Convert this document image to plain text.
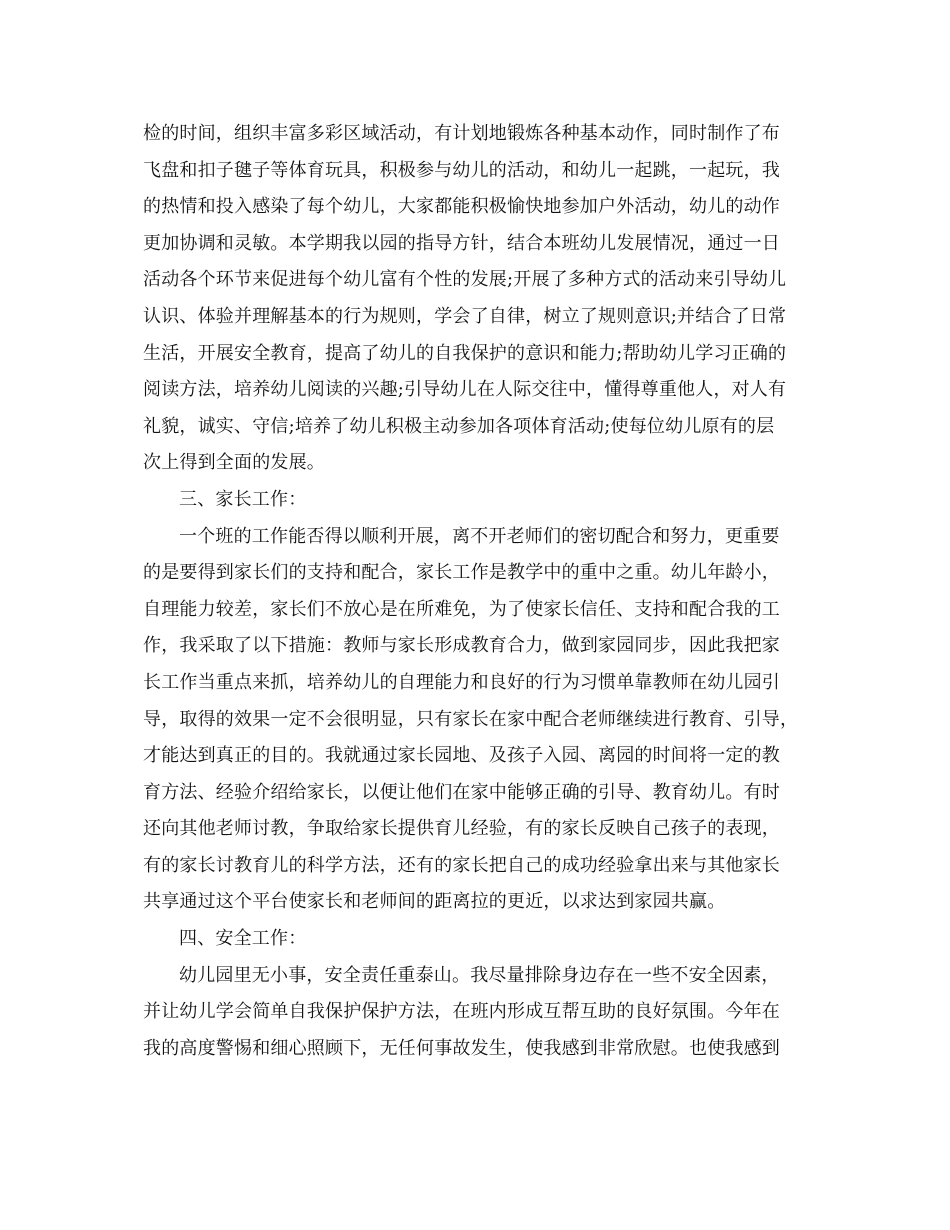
检的时间，组织丰富多彩区域活动，有计划地锻炼各种基本动作，同时制作了布
飞盘和扣子毽子等体育玩具，积极参与幼儿的活动，和幼儿一起跳，一起玩，我
的热情和投入感染了每个幼儿，大家都能积极愉快地参加户外活动，幼儿的动作
更加协调和灵敏。本学期我以园的指导方针，结合本班幼儿发展情况，通过一日
活动各个环节来促进每个幼儿富有个性的发展;开展了多种方式的活动来引导幼儿
认识、体验并理解基本的行为规则，学会了自律，树立了规则意识;并结合了日常
生活，开展安全教育，提高了幼儿的自我保护的意识和能力;帮助幼儿学习正确的
阅读方法，培养幼儿阅读的兴趣;引导幼儿在人际交往中，懂得尊重他人，对人有
礼貌，诚实、守信;培养了幼儿积极主动参加各项体育活动;使每位幼儿原有的层
次上得到全面的发展。
三、家长工作：
一个班的工作能否得以顺利开展，离不开老师们的密切配合和努力，更重要
的是要得到家长们的支持和配合，家长工作是教学中的重中之重。幼儿年龄小，
自理能力较差，家长们不放心是在所难免，为了使家长信任、支持和配合我的工
作，我采取了以下措施：教师与家长形成教育合力，做到家园同步，因此我把家
长工作当重点来抓，培养幼儿的自理能力和良好的行为习惯单靠教师在幼儿园引
导，取得的效果一定不会很明显，只有家长在家中配合老师继续进行教育、引导，
才能达到真正的目的。我就通过家长园地、及孩子入园、离园的时间将一定的教
育方法、经验介绍给家长，以便让他们在家中能够正确的引导、教育幼儿。有时
还向其他老师讨教，争取给家长提供育儿经验，有的家长反映自己孩子的表现，
有的家长讨教育儿的科学方法，还有的家长把自己的成功经验拿出来与其他家长
共享通过这个平台使家长和老师间的距离拉的更近，以求达到家园共赢。
四、安全工作：
幼儿园里无小事，安全责任重泰山。我尽量排除身边存在一些不安全因素，
并让幼儿学会简单自我保护保护方法，在班内形成互帮互助的良好氛围。今年在
我的高度警惕和细心照顾下，无任何事故发生，使我感到非常欣慰。也使我感到
